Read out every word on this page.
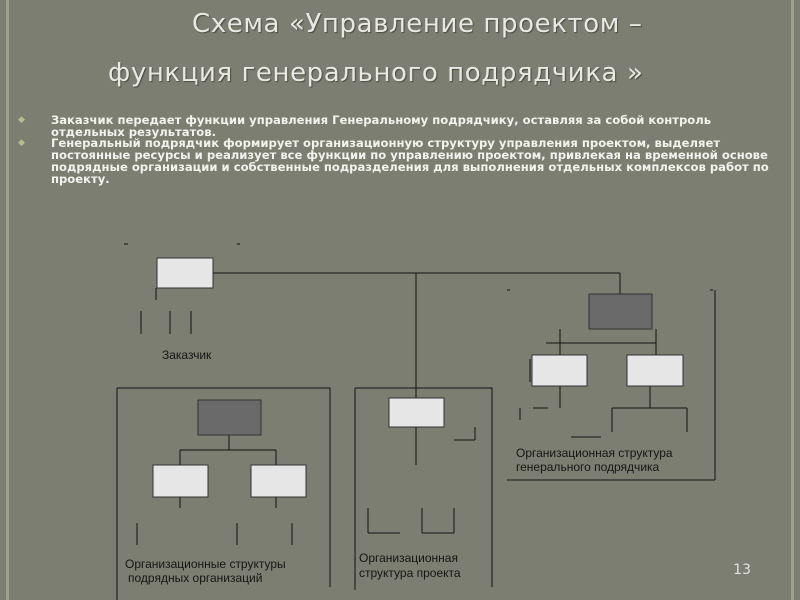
Схема «Управление проектом –
функция генерального подрядчика »
◆	Заказчик передает функции управления Генеральному подрядчику, оставляя за собой контроль отдельных результатов.
◆	Генеральный подрядчик формирует организационную структуру управления проектом, выделяет постоянные ресурсы и реализует все функции по управлению проектом, привлекая на временной основе подрядные организации и собственные подразделения для выполнения отдельных комплексов работ по проекту.
Заказчик
Организационная структура
генерального подрядчика
Организационные структуры
подрядных организаций
Организационная
структура проекта	13
